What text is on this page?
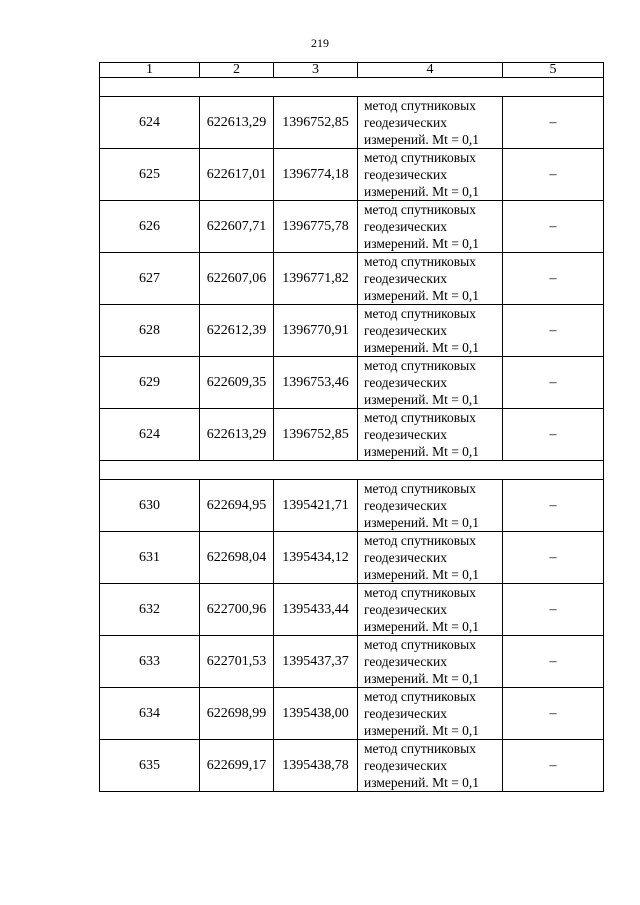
219
1	2	3	4	5

624	622613,29	1396752,85	метод спутниковых
геодезических
измерений. Mt = 0,1	–
625	622617,01	1396774,18	метод спутниковых
геодезических
измерений. Mt = 0,1	–
626	622607,71	1396775,78	метод спутниковых
геодезических
измерений. Mt = 0,1	–
627	622607,06	1396771,82	метод спутниковых
геодезических
измерений. Mt = 0,1	–
628	622612,39	1396770,91	метод спутниковых
геодезических
измерений. Mt = 0,1	–
629	622609,35	1396753,46	метод спутниковых
геодезических
измерений. Mt = 0,1	–
624	622613,29	1396752,85	метод спутниковых
геодезических
измерений. Mt = 0,1	–

630	622694,95	1395421,71	метод спутниковых
геодезических
измерений. Mt = 0,1	–
631	622698,04	1395434,12	метод спутниковых
геодезических
измерений. Mt = 0,1	–
632	622700,96	1395433,44	метод спутниковых
геодезических
измерений. Mt = 0,1	–
633	622701,53	1395437,37	метод спутниковых
геодезических
измерений. Mt = 0,1	–
634	622698,99	1395438,00	метод спутниковых
геодезических
измерений. Mt = 0,1	–
635	622699,17	1395438,78	метод спутниковых
геодезических
измерений. Mt = 0,1	–
